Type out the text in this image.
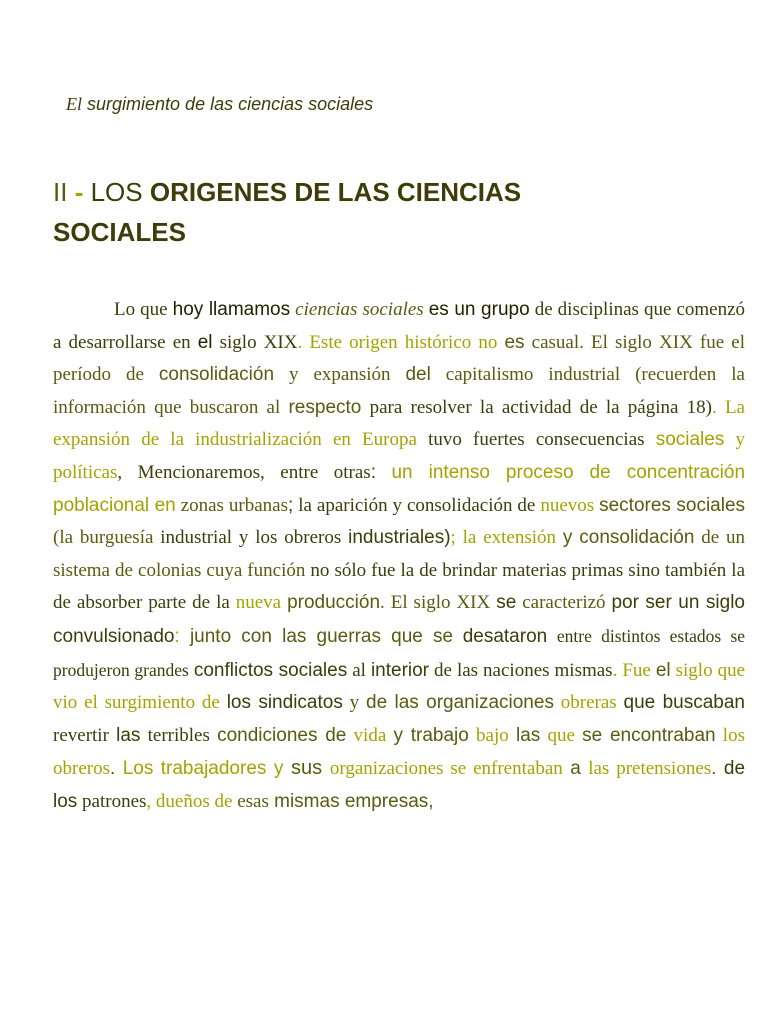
El surgimiento de las ciencias sociales
II - LOS ORIGENES DE LAS CIENCIAS
SOCIALES

Lo que hoy llamamos ciencias sociales es un grupo de disciplinas que comenzó a desarrollarse en el siglo XIX. Este origen histórico no es casual. El siglo XIX fue el período de consolidación y expansión del capitalismo industrial (recuerden la información que buscaron al respecto para resolver la actividad de la página 18). La expansión de la industrialización en Europa tuvo fuertes consecuencias sociales y políticas, Mencionaremos, entre otras: un intenso proceso de concentración poblacional en zonas urbanas; la aparición y consolidación de nuevos sectores sociales (la burguesía industrial y los obreros industriales); la extensión y consolidación de un sistema de colonias cuya función no sólo fue la de brindar materias primas sino también la de absorber parte de la nueva producción. El siglo XIX se caracterizó por ser un siglo convulsionado: junto con las guerras que se desataron entre distintos estados se produjeron grandes conflictos sociales al interior de las naciones mismas. Fue el siglo que vio el surgimiento de los sindicatos y de las organizaciones obreras que buscaban revertir las terribles condiciones de vida y trabajo bajo las que se encontraban los obreros. Los trabajadores y sus organizaciones se enfrentaban a las pretensiones. de los patrones, dueños de esas mismas empresas,
